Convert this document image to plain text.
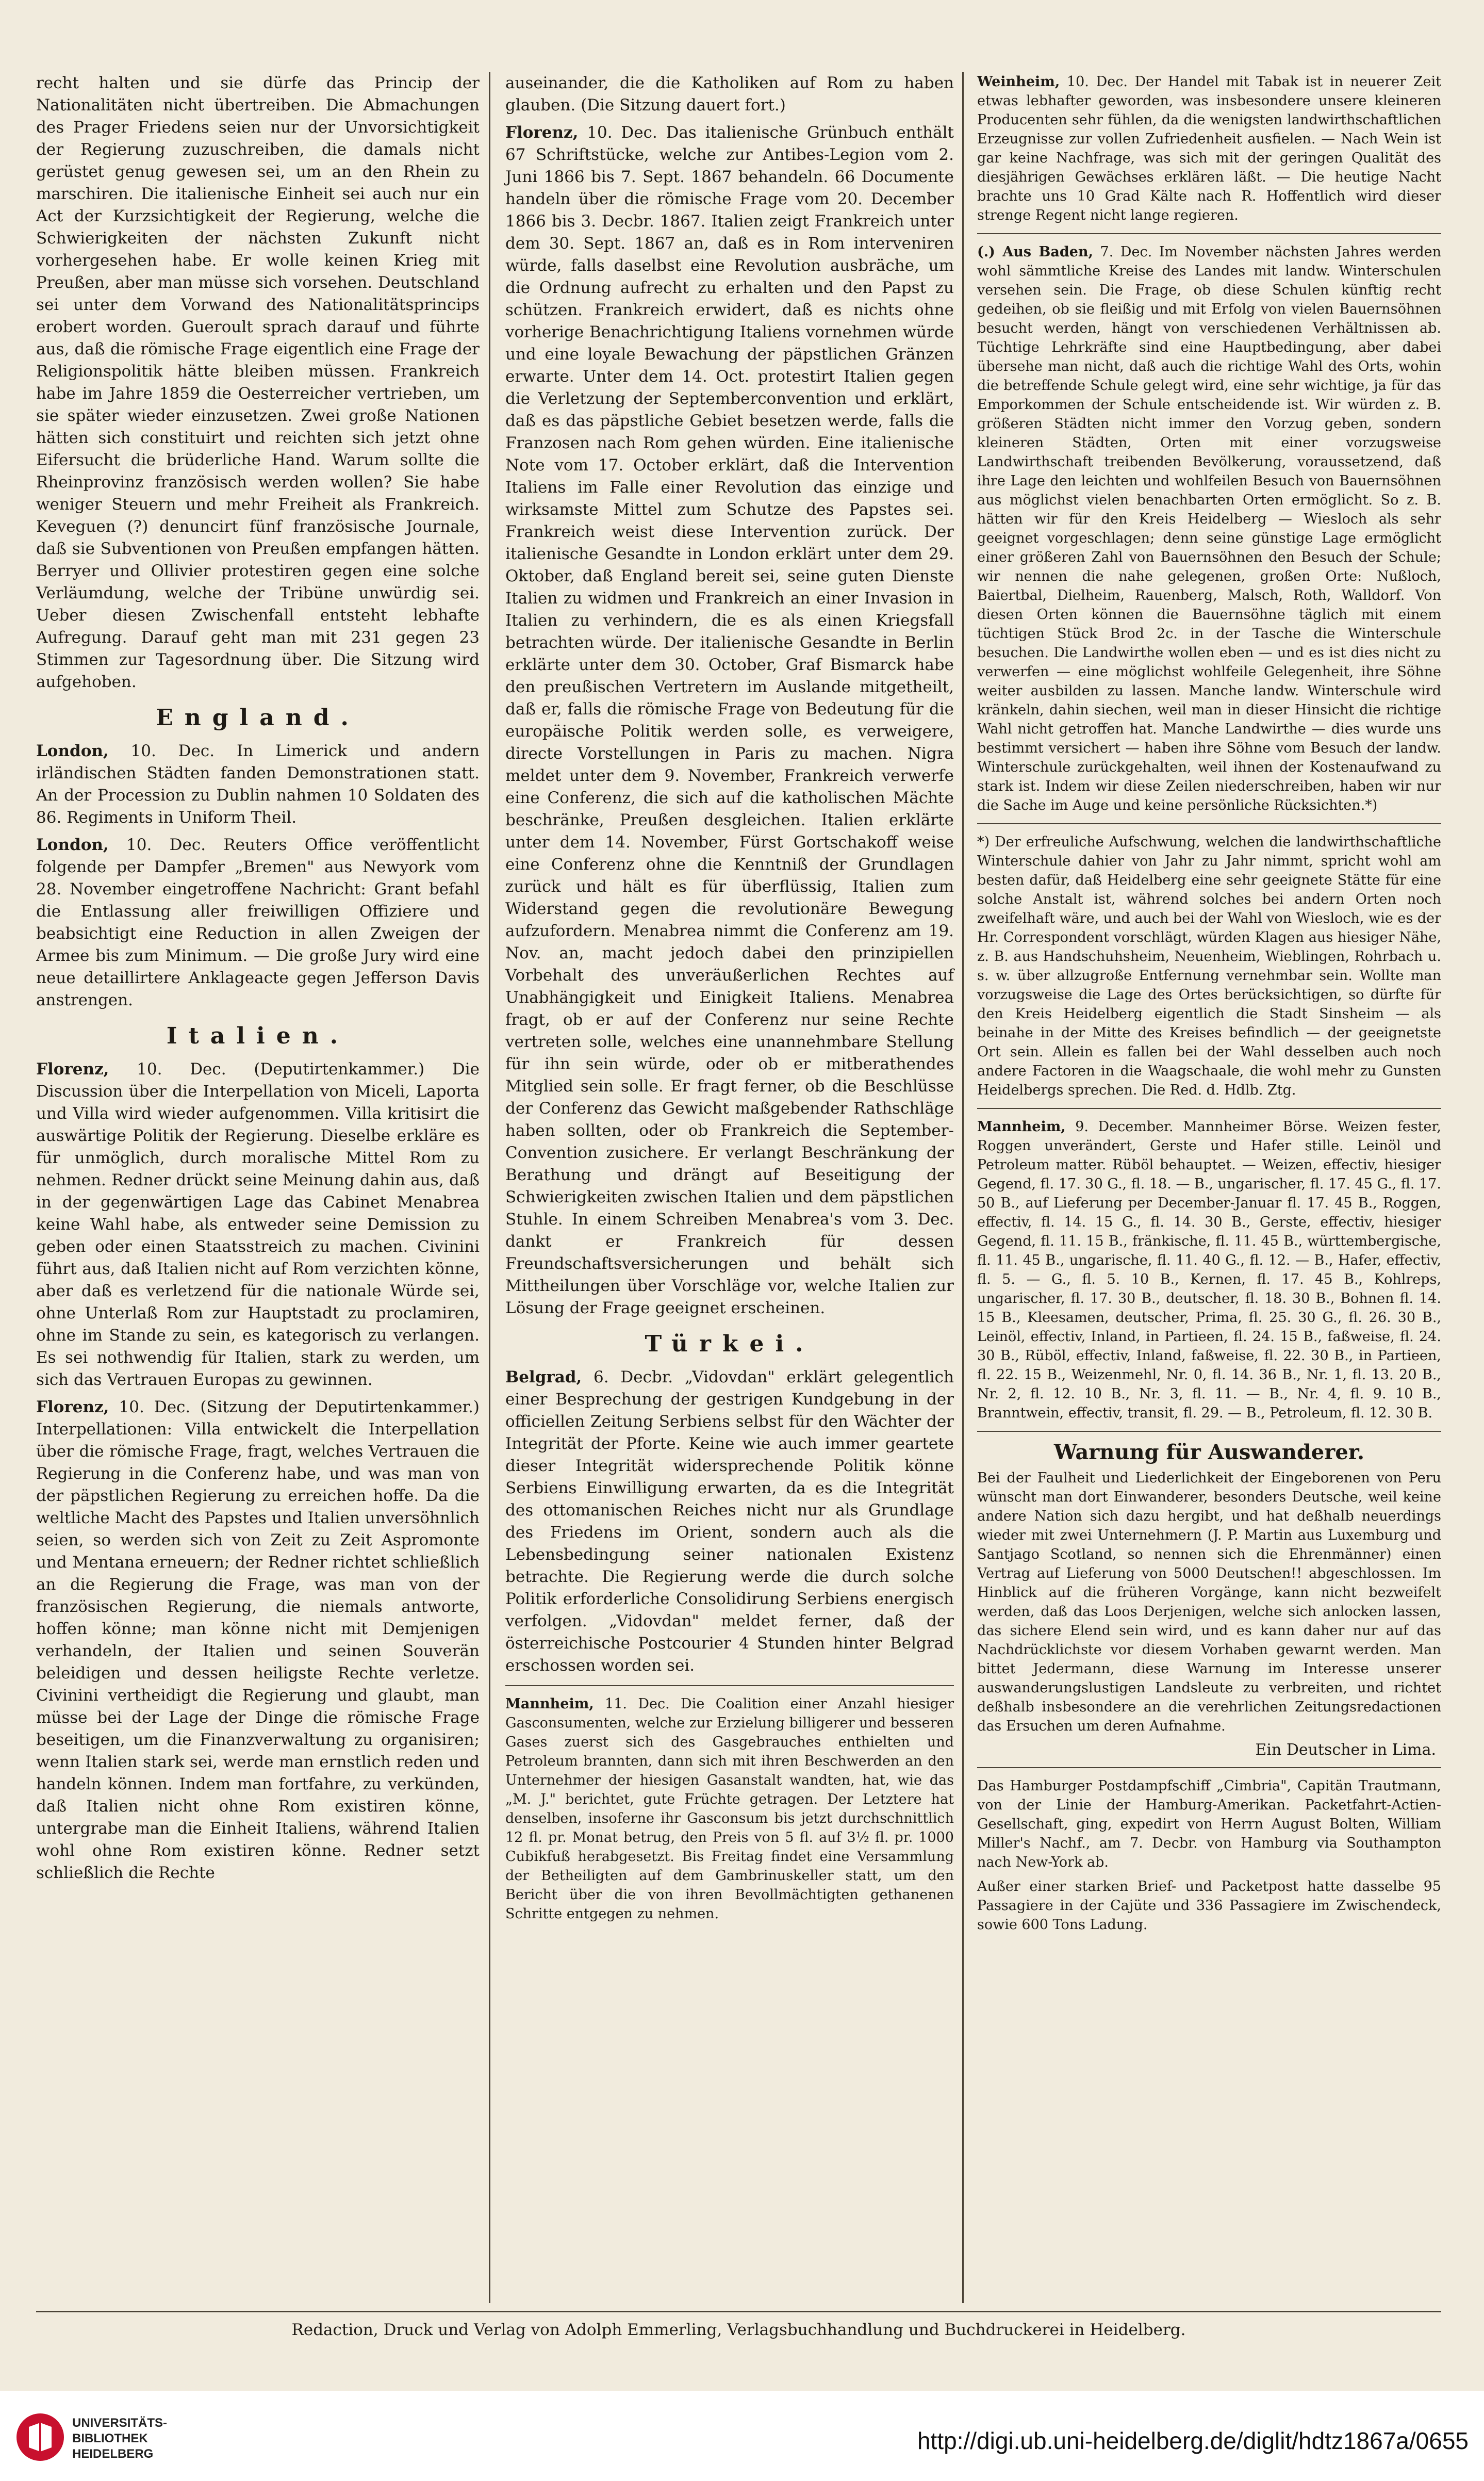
recht halten und sie dürfe das Princip der Nationalitäten nicht übertreiben. Die Abmachungen des Prager Friedens seien nur der Unvorsichtigkeit der Regierung zuzuschreiben, die damals nicht gerüstet genug gewesen sei, um an den Rhein zu marschiren. Die italienische Einheit sei auch nur ein Act der Kurzsichtigkeit der Regierung, welche die Schwierigkeiten der nächsten Zukunft nicht vorhergesehen habe. Er wolle keinen Krieg mit Preußen, aber man müsse sich vorsehen. Deutschland sei unter dem Vorwand des Nationalitätsprincips erobert worden. Gueroult sprach darauf und führte aus, daß die römische Frage eigentlich eine Frage der Religionspolitik hätte bleiben müssen. Frankreich habe im Jahre 1859 die Oesterreicher vertrieben, um sie später wieder einzusetzen. Zwei große Nationen hätten sich constituirt und reichten sich jetzt ohne Eifersucht die brüderliche Hand. Warum sollte die Rheinprovinz französisch werden wollen? Sie habe weniger Steuern und mehr Freiheit als Frankreich. Keveguen (?) denuncirt fünf französische Journale, daß sie Subventionen von Preußen empfangen hätten. Berryer und Ollivier protestiren gegen eine solche Verläumdung, welche der Tribüne unwürdig sei. Ueber diesen Zwischenfall entsteht lebhafte Aufregung. Darauf geht man mit 231 gegen 23 Stimmen zur Tagesordnung über. Die Sitzung wird aufgehoben.

England.

London, 10. Dec. In Limerick und andern irländischen Städten fanden Demonstrationen statt. An der Procession zu Dublin nahmen 10 Soldaten des 86. Regiments in Uniform Theil.

London, 10. Dec. Reuters Office veröffentlicht folgende per Dampfer „Bremen" aus Newyork vom 28. November eingetroffene Nachricht: Grant befahl die Entlassung aller freiwilligen Offiziere und beabsichtigt eine Reduction in allen Zweigen der Armee bis zum Minimum. — Die große Jury wird eine neue detaillirtere Anklageacte gegen Jefferson Davis anstrengen.

Italien.

Florenz, 10. Dec. (Deputirtenkammer.) Die Discussion über die Interpellation von Miceli, Laporta und Villa wird wieder aufgenommen. Villa kritisirt die auswärtige Politik der Regierung. Dieselbe erkläre es für unmöglich, durch moralische Mittel Rom zu nehmen. Redner drückt seine Meinung dahin aus, daß in der gegenwärtigen Lage das Cabinet Menabrea keine Wahl habe, als entweder seine Demission zu geben oder einen Staatsstreich zu machen. Civinini führt aus, daß Italien nicht auf Rom verzichten könne, aber daß es verletzend für die nationale Würde sei, ohne Unterlaß Rom zur Hauptstadt zu proclamiren, ohne im Stande zu sein, es kategorisch zu verlangen. Es sei nothwendig für Italien, stark zu werden, um sich das Vertrauen Europas zu gewinnen.

Florenz, 10. Dec. (Sitzung der Deputirtenkammer.) Interpellationen: Villa entwickelt die Interpellation über die römische Frage, fragt, welches Vertrauen die Regierung in die Conferenz habe, und was man von der päpstlichen Regierung zu erreichen hoffe. Da die weltliche Macht des Papstes und Italien unversöhnlich seien, so werden sich von Zeit zu Zeit Aspromonte und Mentana erneuern; der Redner richtet schließlich an die Regierung die Frage, was man von der französischen Regierung, die niemals antworte, hoffen könne; man könne nicht mit Demjenigen verhandeln, der Italien und seinen Souverän beleidigen und dessen heiligste Rechte verletze. Civinini vertheidigt die Regierung und glaubt, man müsse bei der Lage der Dinge die römische Frage beseitigen, um die Finanzverwaltung zu organisiren; wenn Italien stark sei, werde man ernstlich reden und handeln können. Indem man fortfahre, zu verkünden, daß Italien nicht ohne Rom existiren könne, untergrabe man die Einheit Italiens, während Italien wohl ohne Rom existiren könne. Redner setzt schließlich die Rechte

auseinander, die die Katholiken auf Rom zu haben glauben. (Die Sitzung dauert fort.)

Florenz, 10. Dec. Das italienische Grünbuch enthält 67 Schriftstücke, welche zur Antibes-Legion vom 2. Juni 1866 bis 7. Sept. 1867 behandeln. 66 Documente handeln über die römische Frage vom 20. December 1866 bis 3. Decbr. 1867. Italien zeigt Frankreich unter dem 30. Sept. 1867 an, daß es in Rom interveniren würde, falls daselbst eine Revolution ausbräche, um die Ordnung aufrecht zu erhalten und den Papst zu schützen. Frankreich erwidert, daß es nichts ohne vorherige Benachrichtigung Italiens vornehmen würde und eine loyale Bewachung der päpstlichen Gränzen erwarte. Unter dem 14. Oct. protestirt Italien gegen die Verletzung der Septemberconvention und erklärt, daß es das päpstliche Gebiet besetzen werde, falls die Franzosen nach Rom gehen würden. Eine italienische Note vom 17. October erklärt, daß die Intervention Italiens im Falle einer Revolution das einzige und wirksamste Mittel zum Schutze des Papstes sei. Frankreich weist diese Intervention zurück. Der italienische Gesandte in London erklärt unter dem 29. Oktober, daß England bereit sei, seine guten Dienste Italien zu widmen und Frankreich an einer Invasion in Italien zu verhindern, die es als einen Kriegsfall betrachten würde. Der italienische Gesandte in Berlin erklärte unter dem 30. October, Graf Bismarck habe den preußischen Vertretern im Auslande mitgetheilt, daß er, falls die römische Frage von Bedeutung für die europäische Politik werden solle, es verweigere, directe Vorstellungen in Paris zu machen. Nigra meldet unter dem 9. November, Frankreich verwerfe eine Conferenz, die sich auf die katholischen Mächte beschränke, Preußen desgleichen. Italien erklärte unter dem 14. November, Fürst Gortschakoff weise eine Conferenz ohne die Kenntniß der Grundlagen zurück und hält es für überflüssig, Italien zum Widerstand gegen die revolutionäre Bewegung aufzufordern. Menabrea nimmt die Conferenz am 19. Nov. an, macht jedoch dabei den prinzipiellen Vorbehalt des unveräußerlichen Rechtes auf Unabhängigkeit und Einigkeit Italiens. Menabrea fragt, ob er auf der Conferenz nur seine Rechte vertreten solle, welches eine unannehmbare Stellung für ihn sein würde, oder ob er mitberathendes Mitglied sein solle. Er fragt ferner, ob die Beschlüsse der Conferenz das Gewicht maßgebender Rathschläge haben sollten, oder ob Frankreich die September-Convention zusichere. Er verlangt Beschränkung der Berathung und drängt auf Beseitigung der Schwierigkeiten zwischen Italien und dem päpstlichen Stuhle. In einem Schreiben Menabrea's vom 3. Dec. dankt er Frankreich für dessen Freundschaftsversicherungen und behält sich Mittheilungen über Vorschläge vor, welche Italien zur Lösung der Frage geeignet erscheinen.

Türkei.

Belgrad, 6. Decbr. „Vidovdan" erklärt gelegentlich einer Besprechung der gestrigen Kundgebung in der officiellen Zeitung Serbiens selbst für den Wächter der Integrität der Pforte. Keine wie auch immer geartete dieser Integrität widersprechende Politik könne Serbiens Einwilligung erwarten, da es die Integrität des ottomanischen Reiches nicht nur als Grundlage des Friedens im Orient, sondern auch als die Lebensbedingung seiner nationalen Existenz betrachte. Die Regierung werde die durch solche Politik erforderliche Consolidirung Serbiens energisch verfolgen. „Vidovdan" meldet ferner, daß der österreichische Postcourier 4 Stunden hinter Belgrad erschossen worden sei.

Mannheim, 11. Dec. Die Coalition einer Anzahl hiesiger Gasconsumenten, welche zur Erzielung billigerer und besseren Gases zuerst sich des Gasgebrauches enthielten und Petroleum brannten, dann sich mit ihren Beschwerden an den Unternehmer der hiesigen Gasanstalt wandten, hat, wie das „M. J." berichtet, gute Früchte getragen. Der Letztere hat denselben, insoferne ihr Gasconsum bis jetzt durchschnittlich 12 fl. pr. Monat betrug, den Preis von 5 fl. auf 3½ fl. pr. 1000 Cubikfuß herabgesetzt. Bis Freitag findet eine Versammlung der Betheiligten auf dem Gambrinuskeller statt, um den Bericht über die von ihren Bevollmächtigten gethanenen Schritte entgegen zu nehmen.

Weinheim, 10. Dec. Der Handel mit Tabak ist in neuerer Zeit etwas lebhafter geworden, was insbesondere unsere kleineren Producenten sehr fühlen, da die wenigsten landwirthschaftlichen Erzeugnisse zur vollen Zufriedenheit ausfielen. — Nach Wein ist gar keine Nachfrage, was sich mit der geringen Qualität des diesjährigen Gewächses erklären läßt. — Die heutige Nacht brachte uns 10 Grad Kälte nach R. Hoffentlich wird dieser strenge Regent nicht lange regieren.

(.) Aus Baden, 7. Dec. Im November nächsten Jahres werden wohl sämmtliche Kreise des Landes mit landw. Winterschulen versehen sein. Die Frage, ob diese Schulen künftig recht gedeihen, ob sie fleißig und mit Erfolg von vielen Bauernsöhnen besucht werden, hängt von verschiedenen Verhältnissen ab. Tüchtige Lehrkräfte sind eine Hauptbedingung, aber dabei übersehe man nicht, daß auch die richtige Wahl des Orts, wohin die betreffende Schule gelegt wird, eine sehr wichtige, ja für das Emporkommen der Schule entscheidende ist. Wir würden z. B. größeren Städten nicht immer den Vorzug geben, sondern kleineren Städten, Orten mit einer vorzugsweise Landwirthschaft treibenden Bevölkerung, voraussetzend, daß ihre Lage den leichten und wohlfeilen Besuch von Bauernsöhnen aus möglichst vielen benachbarten Orten ermöglicht. So z. B. hätten wir für den Kreis Heidelberg — Wiesloch als sehr geeignet vorgeschlagen; denn seine günstige Lage ermöglicht einer größeren Zahl von Bauernsöhnen den Besuch der Schule; wir nennen die nahe gelegenen, großen Orte: Nußloch, Baiertbal, Dielheim, Rauenberg, Malsch, Roth, Walldorf. Von diesen Orten können die Bauernsöhne täglich mit einem tüchtigen Stück Brod 2c. in der Tasche die Winterschule besuchen. Die Landwirthe wollen eben — und es ist dies nicht zu verwerfen — eine möglichst wohlfeile Gelegenheit, ihre Söhne weiter ausbilden zu lassen. Manche landw. Winterschule wird kränkeln, dahin siechen, weil man in dieser Hinsicht die richtige Wahl nicht getroffen hat. Manche Landwirthe — dies wurde uns bestimmt versichert — haben ihre Söhne vom Besuch der landw. Winterschule zurückgehalten, weil ihnen der Kostenaufwand zu stark ist. Indem wir diese Zeilen niederschreiben, haben wir nur die Sache im Auge und keine persönliche Rücksichten.*)

*) Der erfreuliche Aufschwung, welchen die landwirthschaftliche Winterschule dahier von Jahr zu Jahr nimmt, spricht wohl am besten dafür, daß Heidelberg eine sehr geeignete Stätte für eine solche Anstalt ist, während solches bei andern Orten noch zweifelhaft wäre, und auch bei der Wahl von Wiesloch, wie es der Hr. Correspondent vorschlägt, würden Klagen aus hiesiger Nähe, z. B. aus Handschuhsheim, Neuenheim, Wieblingen, Rohrbach u. s. w. über allzugroße Entfernung vernehmbar sein. Wollte man vorzugsweise die Lage des Ortes berücksichtigen, so dürfte für den Kreis Heidelberg eigentlich die Stadt Sinsheim — als beinahe in der Mitte des Kreises befindlich — der geeignetste Ort sein. Allein es fallen bei der Wahl desselben auch noch andere Factoren in die Waagschaale, die wohl mehr zu Gunsten Heidelbergs sprechen. Die Red. d. Hdlb. Ztg.

Mannheim, 9. December. Mannheimer Börse. Weizen fester, Roggen unverändert, Gerste und Hafer stille. Leinöl und Petroleum matter. Rüböl behauptet. — Weizen, effectiv, hiesiger Gegend, fl. 17. 30 G., fl. 18. — B., ungarischer, fl. 17. 45 G., fl. 17. 50 B., auf Lieferung per December-Januar fl. 17. 45 B., Roggen, effectiv, fl. 14. 15 G., fl. 14. 30 B., Gerste, effectiv, hiesiger Gegend, fl. 11. 15 B., fränkische, fl. 11. 45 B., württembergische, fl. 11. 45 B., ungarische, fl. 11. 40 G., fl. 12. — B., Hafer, effectiv, fl. 5. — G., fl. 5. 10 B., Kernen, fl. 17. 45 B., Kohlreps, ungarischer, fl. 17. 30 B., deutscher, fl. 18. 30 B., Bohnen fl. 14. 15 B., Kleesamen, deutscher, Prima, fl. 25. 30 G., fl. 26. 30 B., Leinöl, effectiv, Inland, in Partieen, fl. 24. 15 B., faßweise, fl. 24. 30 B., Rüböl, effectiv, Inland, faßweise, fl. 22. 30 B., in Partieen, fl. 22. 15 B., Weizenmehl, Nr. 0, fl. 14. 36 B., Nr. 1, fl. 13. 20 B., Nr. 2, fl. 12. 10 B., Nr. 3, fl. 11. — B., Nr. 4, fl. 9. 10 B., Branntwein, effectiv, transit, fl. 29. — B., Petroleum, fl. 12. 30 B.

Warnung für Auswanderer.

Bei der Faulheit und Liederlichkeit der Eingeborenen von Peru wünscht man dort Einwanderer, besonders Deutsche, weil keine andere Nation sich dazu hergibt, und hat deßhalb neuerdings wieder mit zwei Unternehmern (J. P. Martin aus Luxemburg und Santjago Scotland, so nennen sich die Ehrenmänner) einen Vertrag auf Lieferung von 5000 Deutschen!! abgeschlossen. Im Hinblick auf die früheren Vorgänge, kann nicht bezweifelt werden, daß das Loos Derjenigen, welche sich anlocken lassen, das sichere Elend sein wird, und es kann daher nur auf das Nachdrücklichste vor diesem Vorhaben gewarnt werden. Man bittet Jedermann, diese Warnung im Interesse unserer auswanderungslustigen Landsleute zu verbreiten, und richtet deßhalb insbesondere an die verehrlichen Zeitungsredactionen das Ersuchen um deren Aufnahme.

Ein Deutscher in Lima.

Das Hamburger Postdampfschiff „Cimbria", Capitän Trautmann, von der Linie der Hamburg-Amerikan. Packetfahrt-Actien-Gesellschaft, ging, expedirt von Herrn August Bolten, William Miller's Nachf., am 7. Decbr. von Hamburg via Southampton nach New-York ab.

Außer einer starken Brief- und Packetpost hatte dasselbe 95 Passagiere in der Cajüte und 336 Passagiere im Zwischendeck, sowie 600 Tons Ladung.

Redaction, Druck und Verlag von Adolph Emmerling, Verlagsbuchhandlung und Buchdruckerei in Heidelberg.
UNIVERSITÄTS-
BIBLIOTHEK
HEIDELBERG	http://digi.ub.uni-heidelberg.de/diglit/hdtz1867a/0655
